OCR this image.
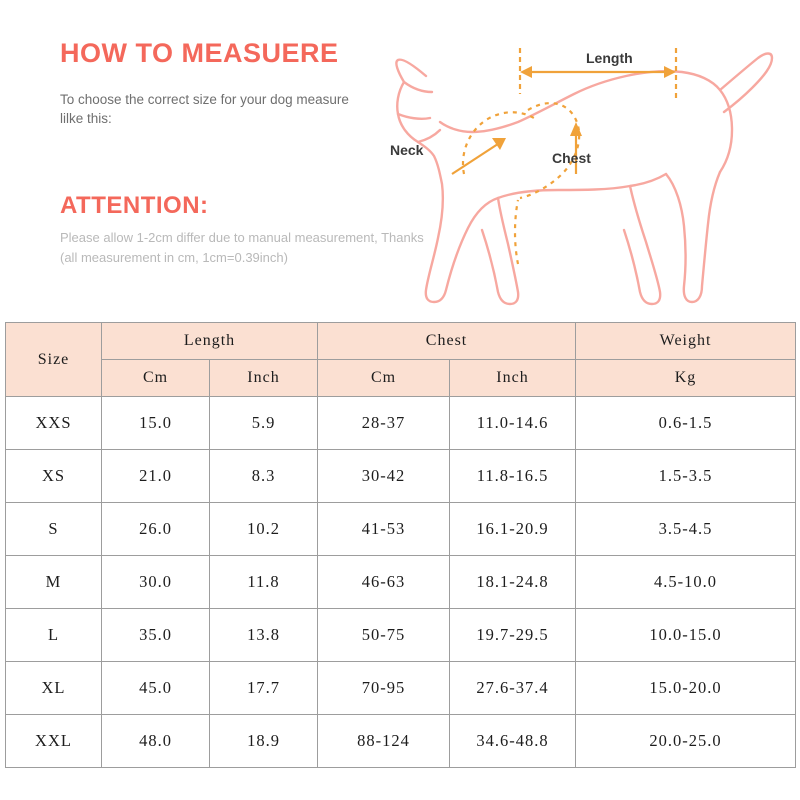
HOW TO MEASUERE
To choose the correct size for your dog measure lilke this:
ATTENTION:
Please allow 1-2cm differ due to manual measurement, Thanks (all measurement in cm, 1cm=0.39inch)
Length
Neck	Chest
Size	Length		Chest		Weight
	Cm	Inch	Cm	Inch	Kg
XXS	15.0	5.9	28-37	11.0-14.6	0.6-1.5
XS	21.0	8.3	30-42	11.8-16.5	1.5-3.5
S	26.0	10.2	41-53	16.1-20.9	3.5-4.5
M	30.0	11.8	46-63	18.1-24.8	4.5-10.0
L	35.0	13.8	50-75	19.7-29.5	10.0-15.0
XL	45.0	17.7	70-95	27.6-37.4	15.0-20.0
XXL	48.0	18.9	88-124	34.6-48.8	20.0-25.0
